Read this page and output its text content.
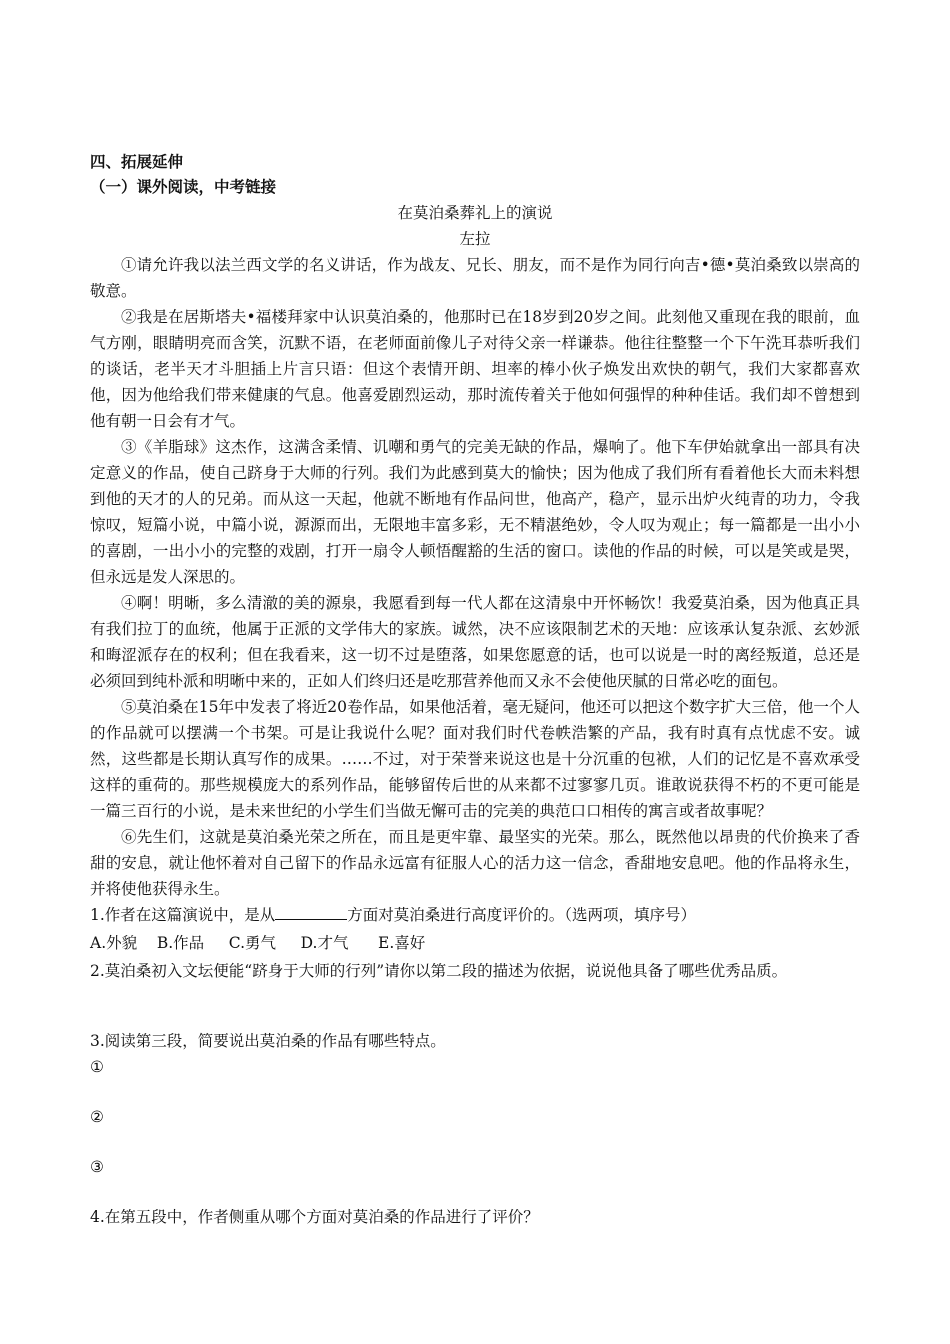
四、拓展延伸
（一）课外阅读，中考链接
在莫泊桑葬礼上的演说
左拉

①请允许我以法兰西文学的名义讲话，作为战友、兄长、朋友，而不是作为同行向吉•德•莫泊桑致以崇高的敬意。

②我是在居斯塔夫•福楼拜家中认识莫泊桑的，他那时已在18岁到20岁之间。此刻他又重现在我的眼前，血气方刚，眼睛明亮而含笑，沉默不语，在老师面前像儿子对待父亲一样谦恭。他往往整整一个下午洗耳恭听我们的谈话，老半天才斗胆插上片言只语：但这个表情开朗、坦率的棒小伙子焕发出欢快的朝气，我们大家都喜欢他，因为他给我们带来健康的气息。他喜爱剧烈运动，那时流传着关于他如何强悍的种种佳话。我们却不曾想到他有朝一日会有才气。

③《羊脂球》这杰作，这满含柔情、讥嘲和勇气的完美无缺的作品，爆响了。他下车伊始就拿出一部具有决定意义的作品，使自己跻身于大师的行列。我们为此感到莫大的愉快；因为他成了我们所有看着他长大而未料想到他的天才的人的兄弟。而从这一天起，他就不断地有作品问世，他高产，稳产，显示出炉火纯青的功力，令我惊叹，短篇小说，中篇小说，源源而出，无限地丰富多彩，无不精湛绝妙，令人叹为观止；每一篇都是一出小小的喜剧，一出小小的完整的戏剧，打开一扇令人顿悟醒豁的生活的窗口。读他的作品的时候，可以是笑或是哭，但永远是发人深思的。

④啊！明晰，多么清澈的美的源泉，我愿看到每一代人都在这清泉中开怀畅饮！我爱莫泊桑，因为他真正具有我们拉丁的血统，他属于正派的文学伟大的家族。诚然，决不应该限制艺术的天地：应该承认复杂派、玄妙派和晦涩派存在的权利；但在我看来，这一切不过是堕落，如果您愿意的话，也可以说是一时的离经叛道，总还是必须回到纯朴派和明晰中来的，正如人们终归还是吃那营养他而又永不会使他厌腻的日常必吃的面包。

⑤莫泊桑在15年中发表了将近20卷作品，如果他活着，毫无疑问，他还可以把这个数字扩大三倍，他一个人的作品就可以摆满一个书架。可是让我说什么呢？面对我们时代卷帙浩繁的产品，我有时真有点忧虑不安。诚然，这些都是长期认真写作的成果。……不过，对于荣誉来说这也是十分沉重的包袱，人们的记忆是不喜欢承受这样的重荷的。那些规模庞大的系列作品，能够留传后世的从来都不过寥寥几页。谁敢说获得不朽的不更可能是一篇三百行的小说，是未来世纪的小学生们当做无懈可击的完美的典范口口相传的寓言或者故事呢？

⑥先生们，这就是莫泊桑光荣之所在，而且是更牢靠、最坚实的光荣。那么，既然他以昂贵的代价换来了香甜的安息，就让他怀着对自己留下的作品永远富有征服人心的活力这一信念，香甜地安息吧。他的作品将永生，并将使他获得永生。

1.作者在这篇演说中，是从	方面对莫泊桑进行高度评价的。（选两项，填序号）

A.外貌    B.作品     C.勇气     D.才气      E.喜好

2.莫泊桑初入文坛便能“跻身于大师的行列”请你以第二段的描述为依据，说说他具备了哪些优秀品质。

3.阅读第三段，简要说出莫泊桑的作品有哪些特点。

①

②

③

4.在第五段中，作者侧重从哪个方面对莫泊桑的作品进行了评价？
